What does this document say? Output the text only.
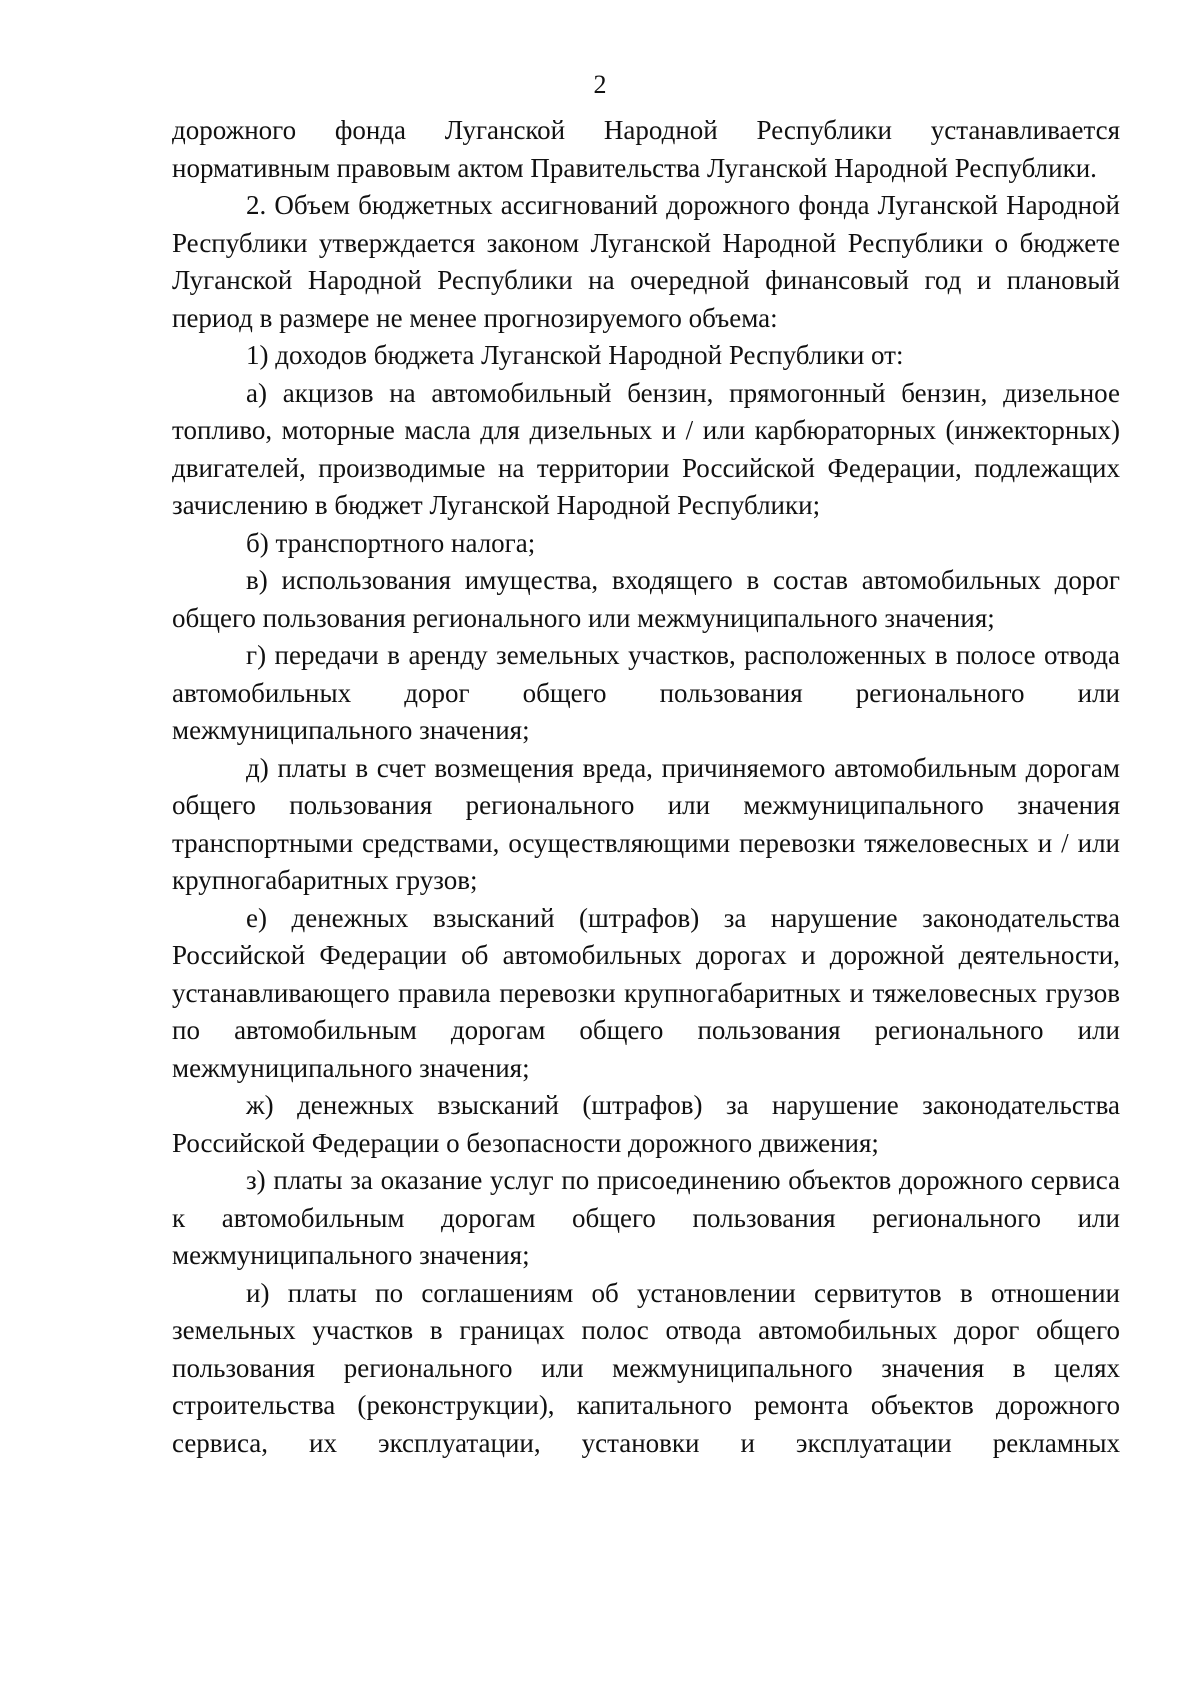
2

дорожного фонда Луганской Народной Республики устанавливается нормативным правовым актом Правительства Луганской Народной Республики.

2. Объем бюджетных ассигнований дорожного фонда Луганской Народной Республики утверждается законом Луганской Народной Республики о бюджете Луганской Народной Республики на очередной финансовый год и плановый период в размере не менее прогнозируемого объема:

1) доходов бюджета Луганской Народной Республики от:

а) акцизов на автомобильный бензин, прямогонный бензин, дизельное топливо, моторные масла для дизельных и / или карбюраторных (инжекторных) двигателей, производимые на территории Российской Федерации, подлежащих зачислению в бюджет Луганской Народной Республики;

б) транспортного налога;

в) использования имущества, входящего в состав автомобильных дорог общего пользования регионального или межмуниципального значения;

г) передачи в аренду земельных участков, расположенных в полосе отвода автомобильных дорог общего пользования регионального или межмуниципального значения;

д) платы в счет возмещения вреда, причиняемого автомобильным дорогам общего пользования регионального или межмуниципального значения транспортными средствами, осуществляющими перевозки тяжеловесных и / или крупногабаритных грузов;

е) денежных взысканий (штрафов) за нарушение законодательства Российской Федерации об автомобильных дорогах и дорожной деятельности, устанавливающего правила перевозки крупногабаритных и тяжеловесных грузов по автомобильным дорогам общего пользования регионального или межмуниципального значения;

ж) денежных взысканий (штрафов) за нарушение законодательства Российской Федерации о безопасности дорожного движения;

з) платы за оказание услуг по присоединению объектов дорожного сервиса к автомобильным дорогам общего пользования регионального или межмуниципального значения;

и) платы по соглашениям об установлении сервитутов в отношении земельных участков в границах полос отвода автомобильных дорог общего пользования регионального или межмуниципального значения в целях строительства (реконструкции), капитального ремонта объектов дорожного сервиса, их эксплуатации, установки и эксплуатации рекламных
